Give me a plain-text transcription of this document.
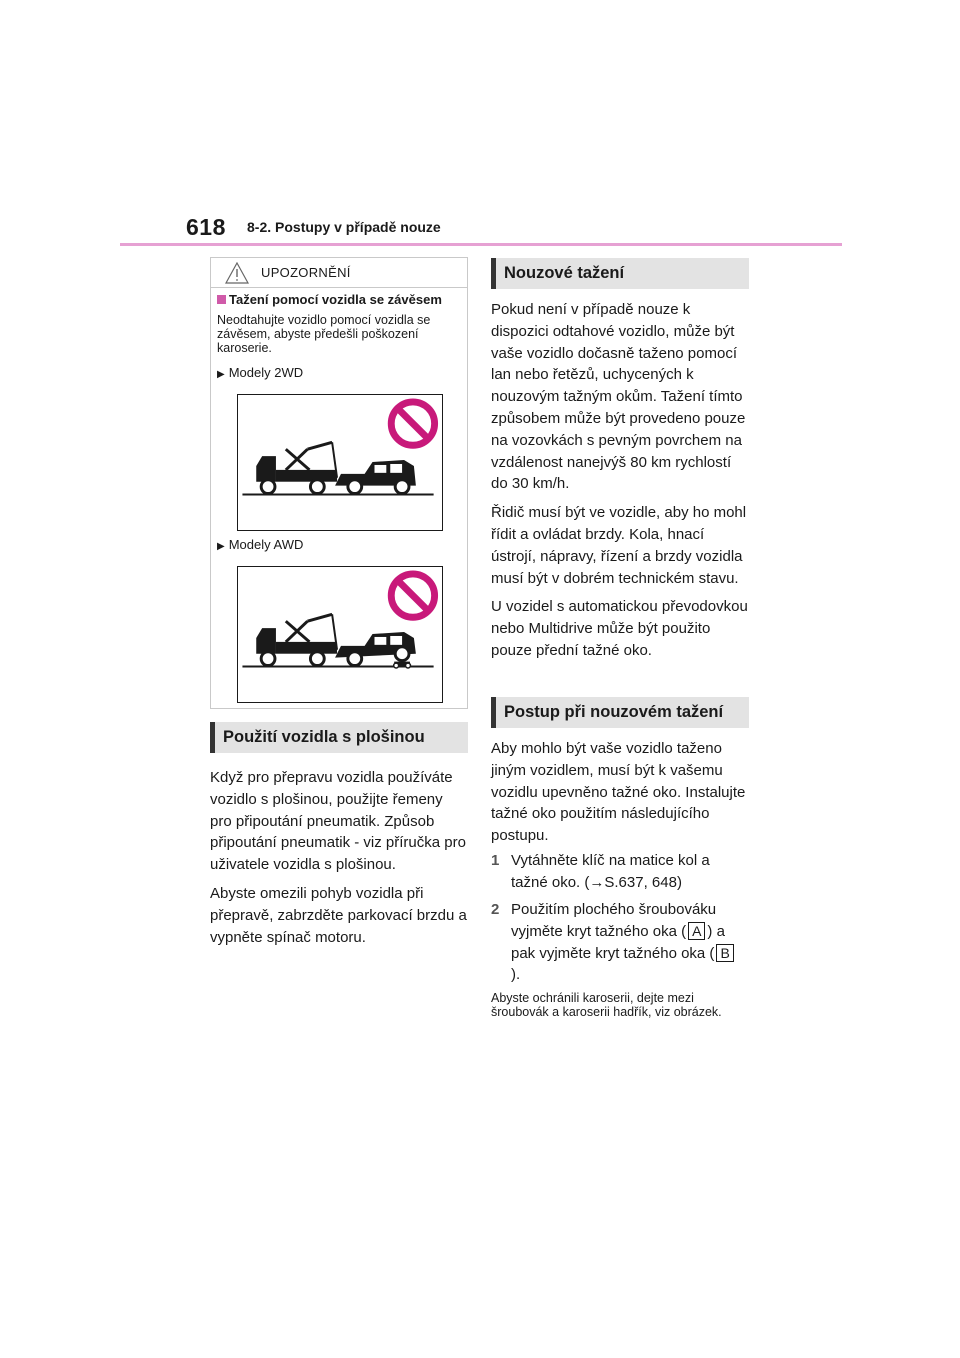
618 8-2. Postupy v případě nouze
UPOZORNĚNÍ
Tažení pomocí vozidla se závěsem
Neodtahujte vozidlo pomocí vozidla se závěsem, abyste předešli poškození karoserie.
▶ Modely 2WD
▶ Modely AWD
Použití vozidla s plošinou

Když pro přepravu vozidla používáte vozidlo s plošinou, použijte řemeny pro připoutání pneumatik. Způsob připoutání pneumatik - viz příručka pro uživatele vozidla s plošinou.

Abyste omezili pohyb vozidla při přepravě, zabrzděte parkovací brzdu a vypněte spínač motoru.

Nouzové tažení

Pokud není v případě nouze k dispozici odtahové vozidlo, může být vaše vozidlo dočasně taženo pomocí lan nebo řetězů, uchycených k nouzovým tažným okům. Tažení tímto způsobem může být provedeno pouze na vozovkách s pevným povrchem na vzdálenost nanejvýš 80 km rychlostí do 30 km/h.

Řidič musí být ve vozidle, aby ho mohl řídit a ovládat brzdy. Kola, hnací ústrojí, nápravy, řízení a brzdy vozidla musí být v dobrém technickém stavu.

U vozidel s automatickou převodovkou nebo Multidrive může být použito pouze přední tažné oko.

Postup při nouzovém tažení
Aby mohlo být vaše vozidlo taženo jiným vozidlem, musí být k vašemu vozidlu upevněno tažné oko. Instalujte tažné oko použitím následujícího postupu.
1 Vytáhněte klíč na matice kol a tažné oko. (→S.637, 648)
2 Použitím plochého šroubováku vyjměte kryt tažného oka ( A ) a pak vyjměte kryt tažného oka ( B).
Abyste ochránili karoserii, dejte mezi šroubovák a karoserii hadřík, viz obrázek.
